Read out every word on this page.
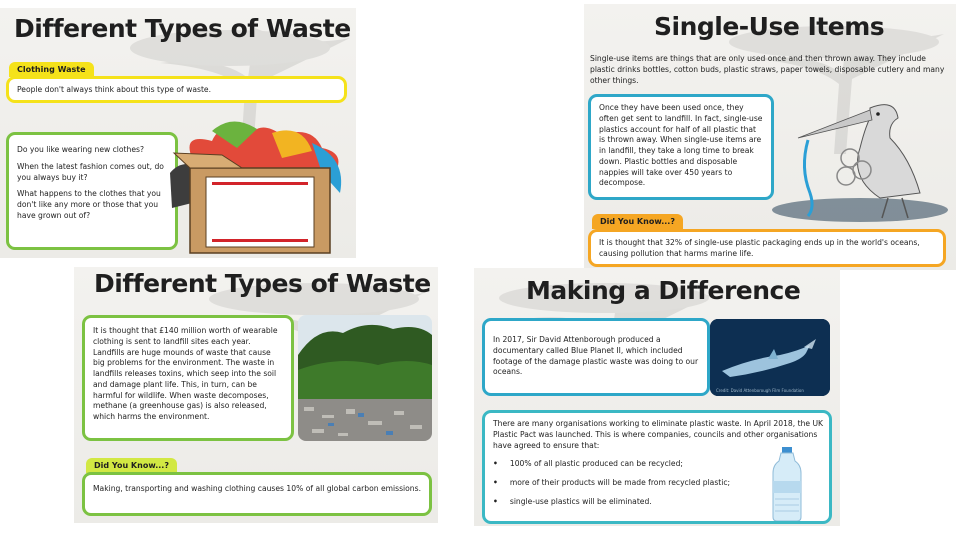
Different Types of Waste
Clothing Waste
People don't always think about this type of waste.

Do you like wearing new clothes?

When the latest fashion comes out, do you always buy it?

What happens to the clothes that you don't like any more or those that you have grown out of?

Single-Use Items
Single-use items are things that are only used once and then thrown away. They include plastic drinks bottles, cotton buds, plastic straws, paper towels, disposable cutlery and many other things.
Once they have been used once, they often get sent to landfill. In fact, single-use plastics account for half of all plastic that is thrown away. When single-use items are in landfill, they take a long time to break down. Plastic bottles and disposable nappies will take over 450 years to decompose.
Did You Know...?
It is thought that 32% of single-use plastic packaging ends up in the world's oceans, causing pollution that harms marine life.
Different Types of Waste
It is thought that £140 million worth of wearable clothing is sent to landfill sites each year. Landfills are huge mounds of waste that cause big problems for the environment. The waste in landfills releases toxins, which seep into the soil and damage plant life. This, in turn, can be harmful for wildlife. When waste decomposes, methane (a greenhouse gas) is also released, which harms the environment.
Did You Know...?
Making, transporting and washing clothing causes 10% of all global carbon emissions.
Making a Difference
In 2017, Sir David Attenborough produced a documentary called Blue Planet II, which included footage of the damage plastic waste was doing to our oceans.
Credit: David Attenborough Film Foundation
There are many organisations working to eliminate plastic waste. In April 2018, the UK Plastic Pact was launched. This is where companies, councils and other organisations have agreed to ensure that:
• 100% of all plastic produced can be recycled;
• more of their products will be made from recycled plastic;
• single-use plastics will be eliminated.
